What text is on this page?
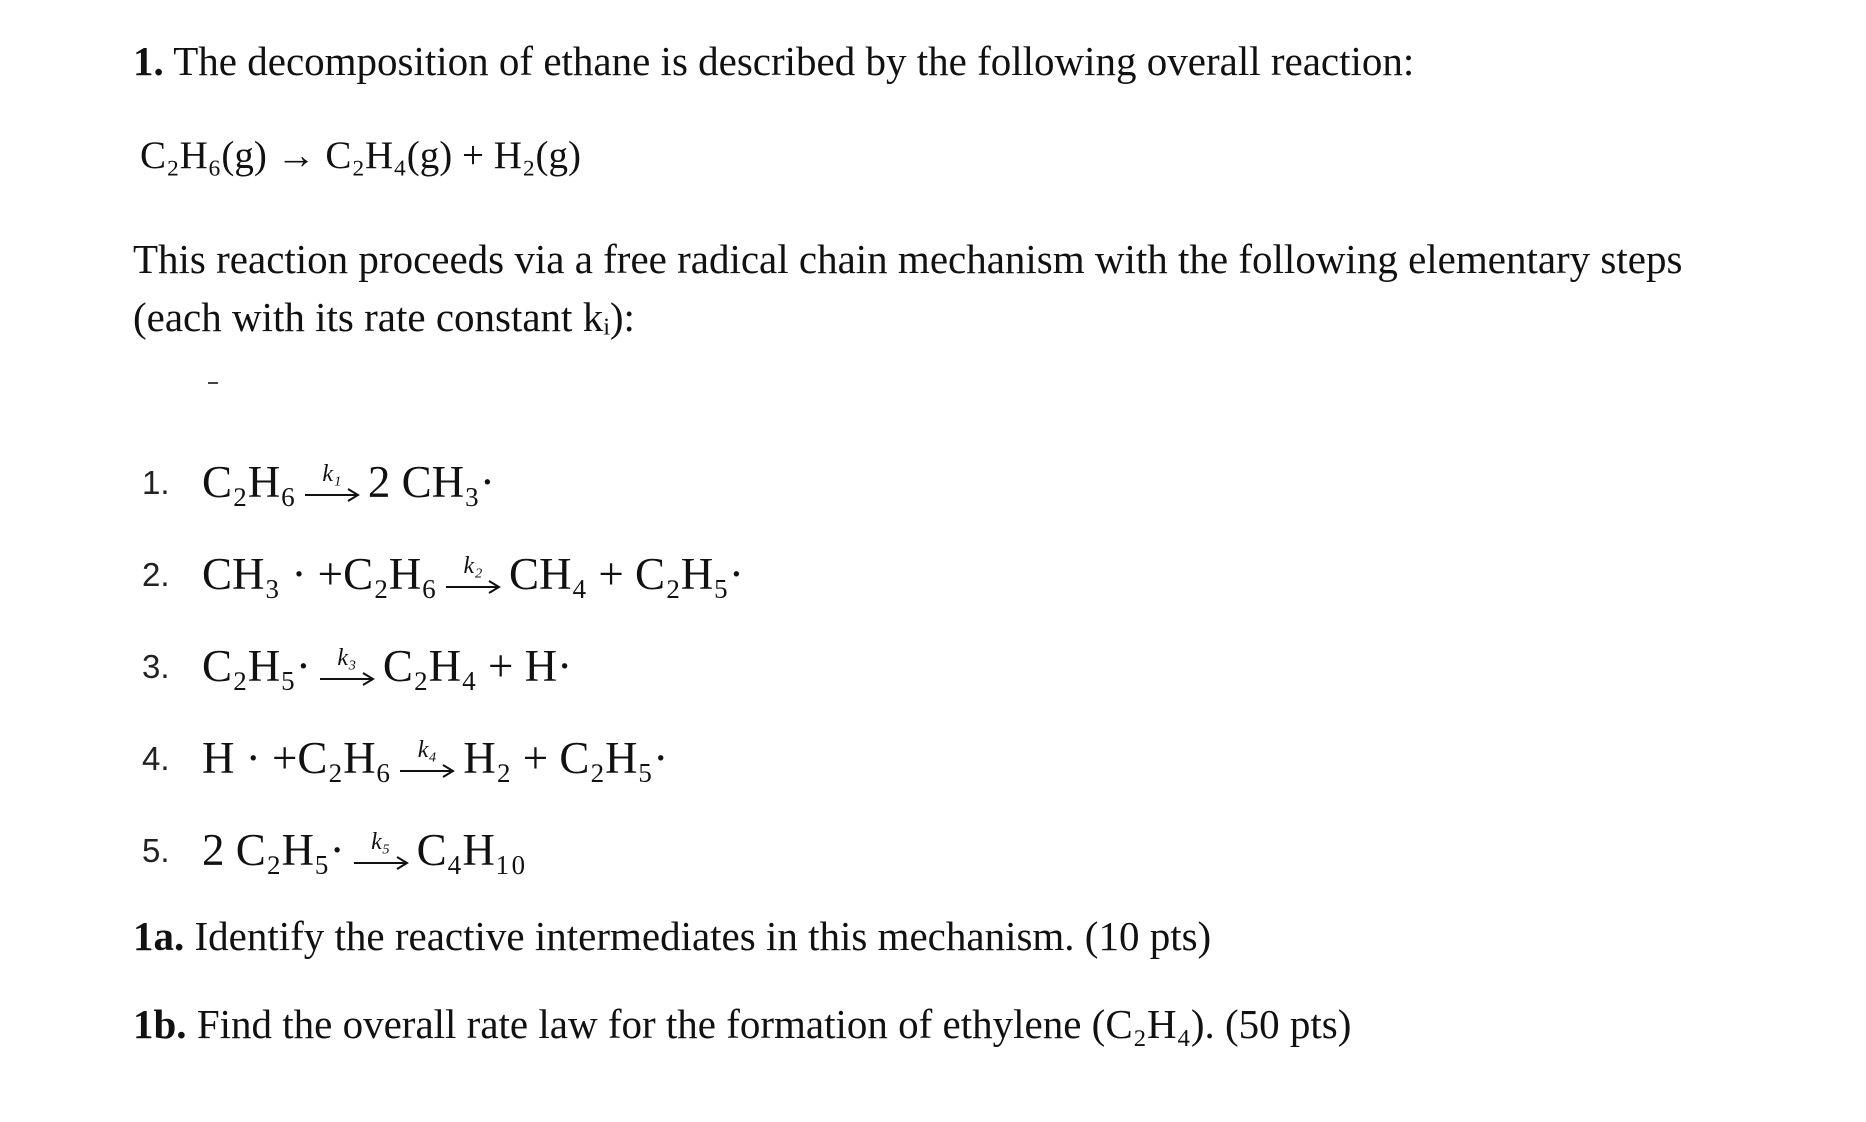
1. The decomposition of ethane is described by the following overall reaction:
C₂H₆(g) → C₂H₄(g) + H₂(g)
This reaction proceeds via a free radical chain mechanism with the following elementary steps
(each with its rate constant kᵢ):
1. C₂H₆ k₁ 2 CH₃·
2. CH₃ · +C₂H₆ k₂ CH₄ + C₂H₅·
3. C₂H₅· k₃ C₂H₄ + H·
4. H · +C₂H₆ k₄ H₂ + C₂H₅·
5. 2 C₂H₅· k₅ C₄H₁₀
1a. Identify the reactive intermediates in this mechanism. (10 pts)
1b. Find the overall rate law for the formation of ethylene (C₂H₄). (50 pts)
